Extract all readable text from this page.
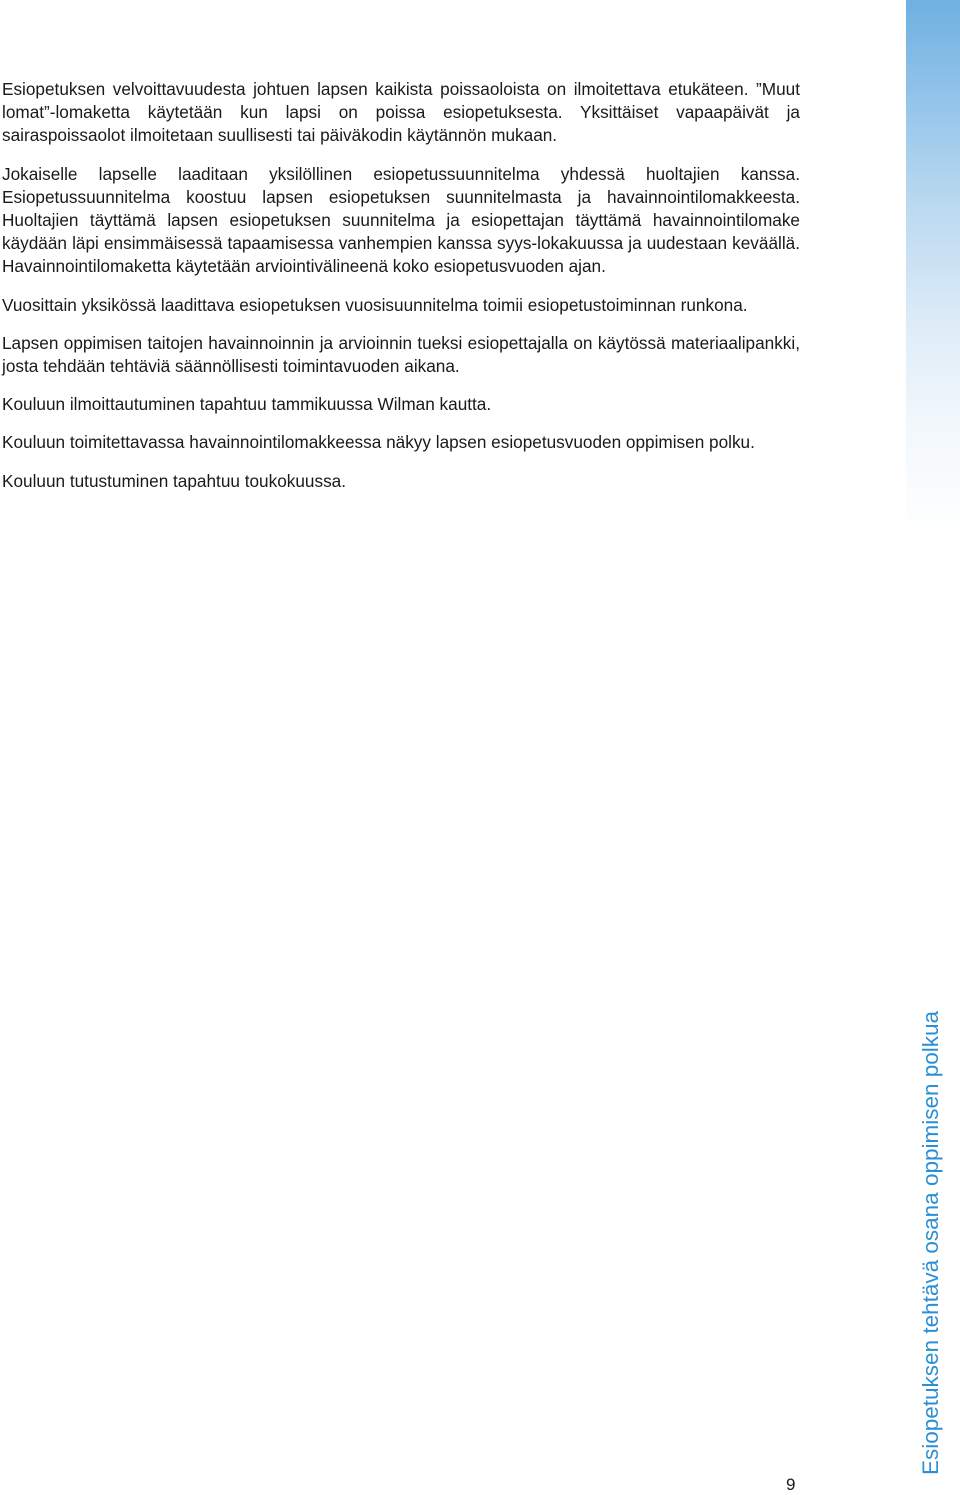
Esiopetuksen velvoittavuudesta johtuen lapsen kaikista poissaoloista on ilmoitettava etukäteen. ”Muut lomat”-lomaketta käytetään kun lapsi on poissa esiopetuksesta. Yksittäiset vapaapäivät ja sairaspoissaolot ilmoitetaan suullisesti tai päiväkodin käytännön mukaan.

Jokaiselle lapselle laaditaan yksilöllinen esiopetussuunnitelma yhdessä huoltajien kanssa. Esiopetussuunnitelma koostuu lapsen esiopetuksen suunnitelmasta ja havainnointilomakkeesta. Huoltajien täyttämä lapsen esiopetuksen suunnitelma ja esiopettajan täyttämä havainnointilomake käydään läpi ensimmäisessä tapaamisessa vanhempien kanssa syys-lokakuussa ja uudestaan keväällä. Havainnointilomaketta käytetään arviointivälineenä koko esiopetusvuoden ajan.

Vuosittain yksikössä laadittava esiopetuksen vuosisuunnitelma toimii esiopetustoiminnan runkona.

Lapsen oppimisen taitojen havainnoinnin ja arvioinnin tueksi esiopettajalla on käytössä materiaalipankki, josta tehdään tehtäviä säännöllisesti toimintavuoden aikana.

Kouluun ilmoittautuminen tapahtuu tammikuussa Wilman kautta.

Kouluun toimitettavassa havainnointilomakkeessa näkyy lapsen esiopetusvuoden oppimisen polku.

Kouluun tutustuminen tapahtuu toukokuussa.

Esiopetuksen tehtävä osana oppimisen polkua
9
